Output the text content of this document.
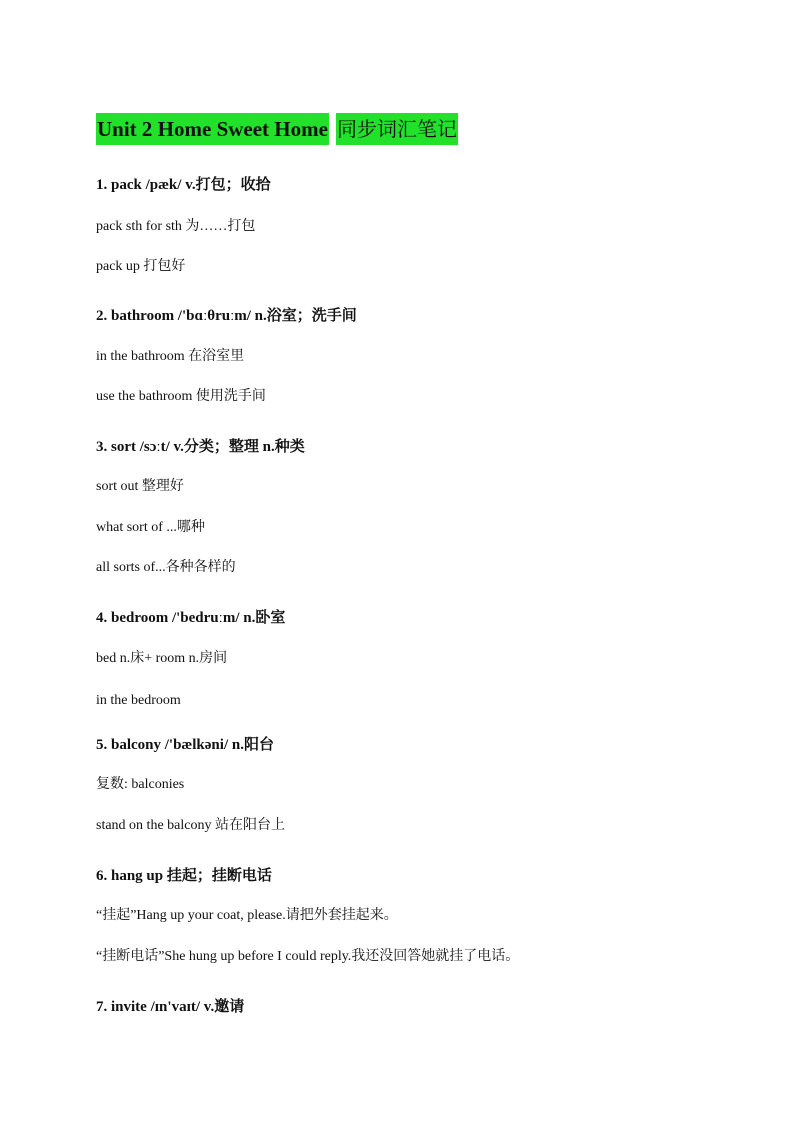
Unit 2 Home Sweet Home 同步词汇笔记
1. pack /pæk/ v.打包；收拾
pack sth for sth 为……打包
pack up 打包好
2. bathroom /'bɑːθruːm/ n.浴室；洗手间
in the bathroom 在浴室里
use the bathroom 使用洗手间
3. sort /sɔːt/ v.分类；整理 n.种类
sort out 整理好
what sort of ...哪种
all sorts of...各种各样的
4. bedroom /'bedruːm/ n.卧室
bed n.床+ room n.房间
in the bedroom
5. balcony /'bælkəni/ n.阳台
复数: balconies
stand on the balcony 站在阳台上
6. hang up 挂起；挂断电话
“挂起”Hang up your coat, please.请把外套挂起来。
“挂断电话”She hung up before I could reply.我还没回答她就挂了电话。
7. invite /ɪn'vaɪt/ v.邀请
